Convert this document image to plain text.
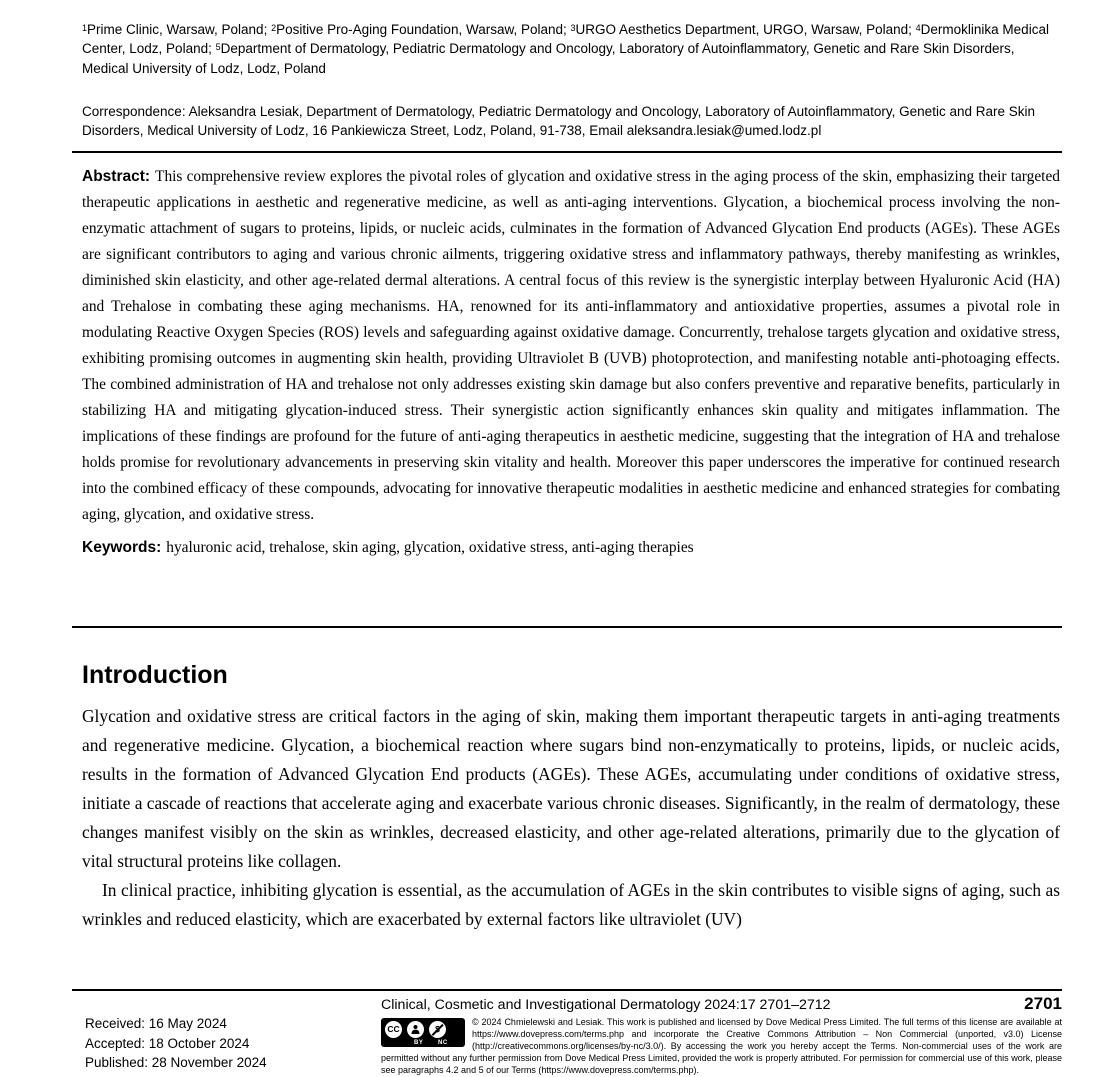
$^1$Prime Clinic, Warsaw, Poland; $^2$Positive Pro-Aging Foundation, Warsaw, Poland; $^3$URGO Aesthetics Department, URGO, Warsaw, Poland; $^4$Dermoklinika Medical Center, Lodz, Poland; $^5$Department of Dermatology, Pediatric Dermatology and Oncology, Laboratory of Autoinflammatory, Genetic and Rare Skin Disorders, Medical University of Lodz, Lodz, Poland

Correspondence: Aleksandra Lesiak, Department of Dermatology, Pediatric Dermatology and Oncology, Laboratory of Autoinflammatory, Genetic and Rare Skin Disorders, Medical University of Lodz, 16 Pankiewicza Street, Lodz, Poland, 91-738, Email aleksandra.lesiak@umed.lodz.pl

Abstract: This comprehensive review explores the pivotal roles of glycation and oxidative stress in the aging process of the skin, emphasizing their targeted therapeutic applications in aesthetic and regenerative medicine, as well as anti-aging interventions. Glycation, a biochemical process involving the non-enzymatic attachment of sugars to proteins, lipids, or nucleic acids, culminates in the formation of Advanced Glycation End products (AGEs). These AGEs are significant contributors to aging and various chronic ailments, triggering oxidative stress and inflammatory pathways, thereby manifesting as wrinkles, diminished skin elasticity, and other age-related dermal alterations. A central focus of this review is the synergistic interplay between Hyaluronic Acid (HA) and Trehalose in combating these aging mechanisms. HA, renowned for its anti-inflammatory and antioxidative properties, assumes a pivotal role in modulating Reactive Oxygen Species (ROS) levels and safeguarding against oxidative damage. Concurrently, trehalose targets glycation and oxidative stress, exhibiting promising outcomes in augmenting skin health, providing Ultraviolet B (UVB) photoprotection, and manifesting notable anti-photoaging effects. The combined administration of HA and trehalose not only addresses existing skin damage but also confers preventive and reparative benefits, particularly in stabilizing HA and mitigating glycation-induced stress. Their synergistic action significantly enhances skin quality and mitigates inflammation. The implications of these findings are profound for the future of anti-aging therapeutics in aesthetic medicine, suggesting that the integration of HA and trehalose holds promise for revolutionary advancements in preserving skin vitality and health. Moreover this paper underscores the imperative for continued research into the combined efficacy of these compounds, advocating for innovative therapeutic modalities in aesthetic medicine and enhanced strategies for combating aging, glycation, and oxidative stress.

Keywords: hyaluronic acid, trehalose, skin aging, glycation, oxidative stress, anti-aging therapies

Introduction

Glycation and oxidative stress are critical factors in the aging of skin, making them important therapeutic targets in anti-aging treatments and regenerative medicine. Glycation, a biochemical reaction where sugars bind non-enzymatically to proteins, lipids, or nucleic acids, results in the formation of Advanced Glycation End products (AGEs). These AGEs, accumulating under conditions of oxidative stress, initiate a cascade of reactions that accelerate aging and exacerbate various chronic diseases. Significantly, in the realm of dermatology, these changes manifest visibly on the skin as wrinkles, decreased elasticity, and other age-related alterations, primarily due to the glycation of vital structural proteins like collagen.

In clinical practice, inhibiting glycation is essential, as the accumulation of AGEs in the skin contributes to visible signs of aging, such as wrinkles and reduced elasticity, which are exacerbated by external factors like ultraviolet (UV)

Received: 16 May 2024
Accepted: 18 October 2024
Published: 28 November 2024
Clinical, Cosmetic and Investigational Dermatology 2024:17 2701–2712	2701
CC
BY NC
© 2024 Chmielewski and Lesiak. This work is published and licensed by Dove Medical Press Limited. The full terms of this license are available at https://www.dovepress.com/terms.php and incorporate the Creative Commons Attribution – Non Commercial (unported, v3.0) License (http://creativecommons.org/licenses/by-nc/3.0/). By accessing the work you hereby accept the Terms. Non-commercial uses of the work are permitted without any further permission from Dove Medical Press Limited, provided the work is properly attributed. For permission for commercial use of this work, please see paragraphs 4.2 and 5 of our Terms (https://www.dovepress.com/terms.php).
